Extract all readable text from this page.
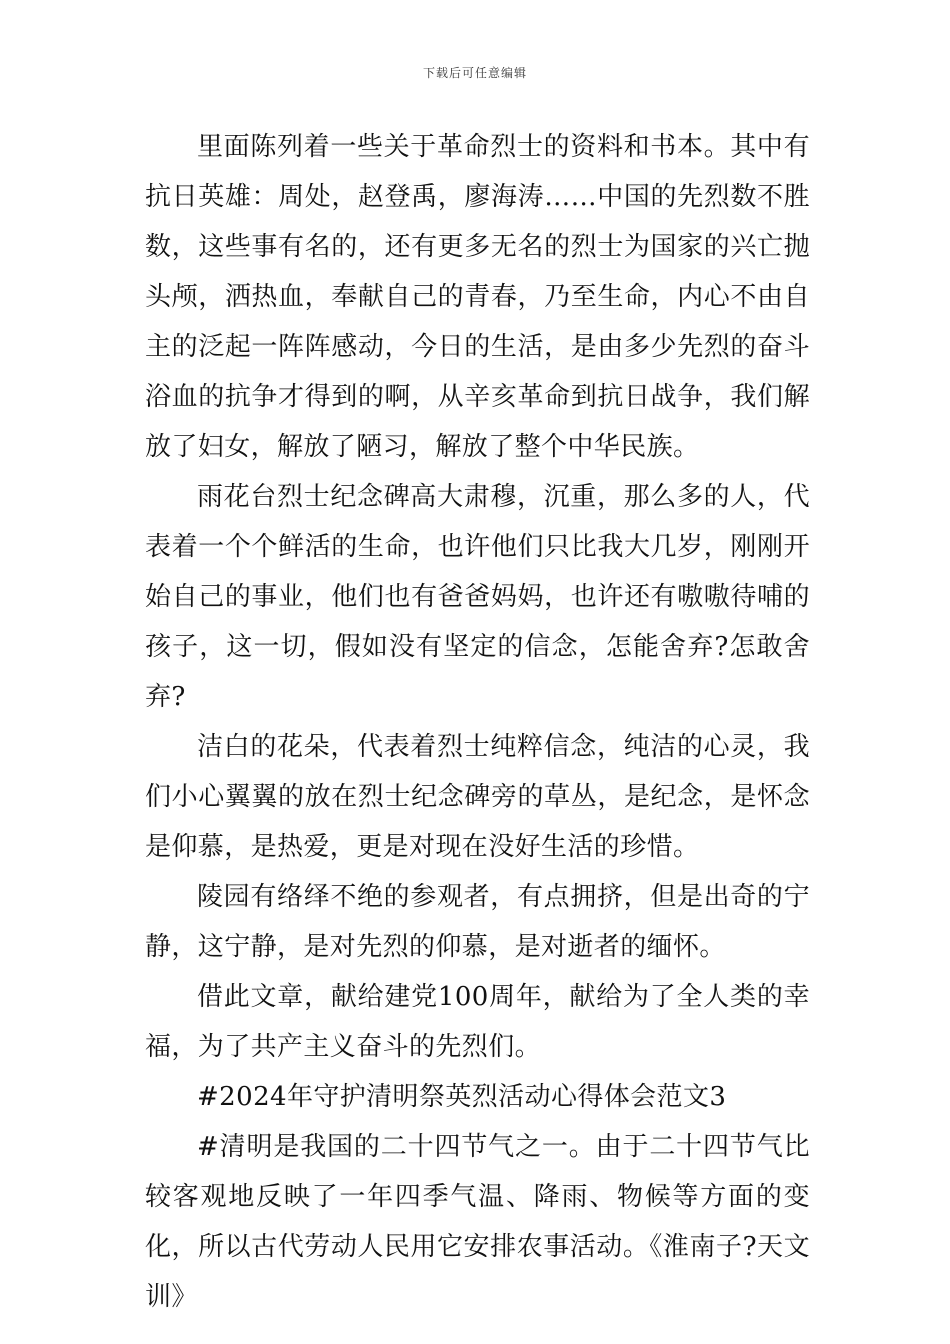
下载后可任意编辑

里面陈列着一些关于革命烈士的资料和书本。其中有抗日英雄：周处，赵登禹，廖海涛……中国的先烈数不胜数，这些事有名的，还有更多无名的烈士为国家的兴亡抛头颅，洒热血，奉献自己的青春，乃至生命，内心不由自主的泛起一阵阵感动，今日的生活，是由多少先烈的奋斗浴血的抗争才得到的啊，从辛亥革命到抗日战争，我们解放了妇女，解放了陋习，解放了整个中华民族。

雨花台烈士纪念碑高大肃穆，沉重，那么多的人，代表着一个个鲜活的生命，也许他们只比我大几岁，刚刚开始自己的事业，他们也有爸爸妈妈，也许还有嗷嗷待哺的孩子，这一切，假如没有坚定的信念，怎能舍弃?怎敢舍弃?

洁白的花朵，代表着烈士纯粹信念，纯洁的心灵，我们小心翼翼的放在烈士纪念碑旁的草丛，是纪念，是怀念是仰慕，是热爱，更是对现在没好生活的珍惜。

陵园有络绎不绝的参观者，有点拥挤，但是出奇的宁静，这宁静，是对先烈的仰慕，是对逝者的缅怀。

借此文章，献给建党100周年，献给为了全人类的幸福，为了共产主义奋斗的先烈们。

#2024年守护清明祭英烈活动心得体会范文3

#清明是我国的二十四节气之一。由于二十四节气比较客观地反映了一年四季气温、降雨、物候等方面的变化，所以古代劳动人民用它安排农事活动。《淮南子?天文训》
